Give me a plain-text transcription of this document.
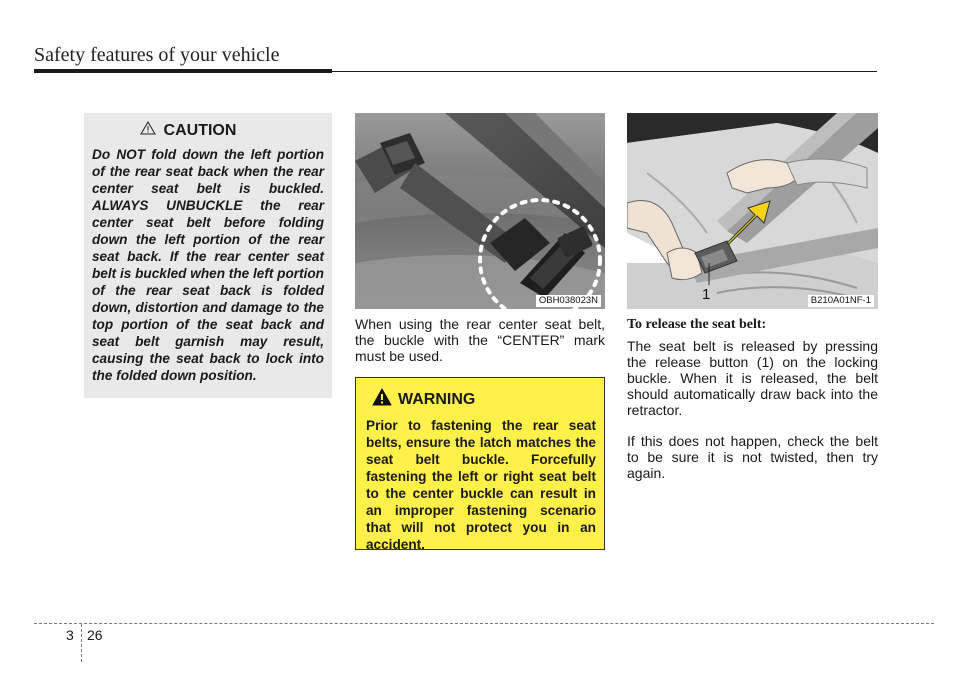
Safety features of your vehicle
CAUTION
Do NOT fold down the left portion of the rear seat back when the rear center seat belt is buckled. ALWAYS UNBUCKLE the rear center seat belt before folding down the left portion of the rear seat back. If the rear center seat belt is buckled when the left portion of the rear seat back is folded down, distortion and damage to the top portion of the seat back and seat belt garnish may result, causing the seat back to lock into the folded down position.
OBH038023N
When using the rear center seat belt, the buckle with the “CENTER” mark must be used.
WARNING
Prior to fastening the rear seat belts, ensure the latch matches the seat belt buckle. Forcefully fastening the left or right seat belt to the center buckle can result in an improper fastening scenario that will not protect you in an accident.
1	B210A01NF-1
To release the seat belt:
The seat belt is released by pressing the release button (1) on the locking buckle. When it is released, the belt should automatically draw back into the retractor.
If this does not happen, check the belt to be sure it is not twisted, then try again.
3 26
